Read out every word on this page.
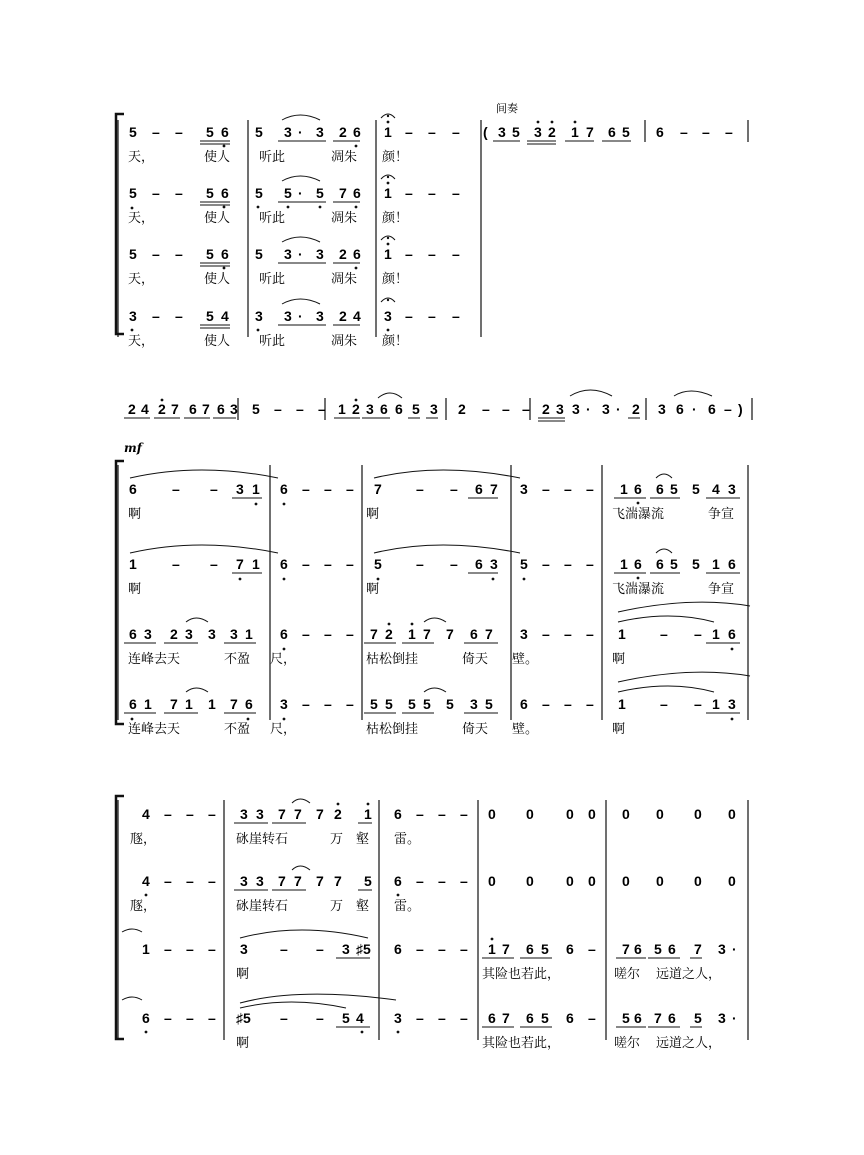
间奏
mf
5 – – 5 6 5 3 · 3 2 6 1 – – – ( 3 5 3 2 1 7 6 5 6 – – –
5 – – 5 6 5 5 · 5 7 6 1 – – –
5 – – 5 6 5 3 · 3 2 6 1 – – –
3 – – 5 4 3 3 · 3 2 4 3 – – –
2 4 2 7 6 7 6 3 5 – – – 1 2 3 6 6 5 3 2 – – – 2 3 3 · 3 · 2 3 6 · 6 – )
6	– – 3 1 6 – – – 7 – – 6 7 3 – – – 1 6 6 5 5 4 3
1	– – 7 1 6 – – – 5 – – 6 3 5 – – – 1 6 6 5 5 1 6
6 3 2 3 3 3 1 6 – – – 7 2 1 7 7 6 7 3 – – – 1 – – 1 6
6 1 7 1 1 7 6 3 – – – 5 5 5 5 5 3 5 6 – – – 1 – – 1 3
4 – – – 3 3 7 7 7 2 1 6 – – – 0 0 0 0 0 0 0 0
4 – – – 3 3 7 7 7 7 5 6 – – – 0 0 0 0 0 0 0 0
1 – – – 3 – – 3 ♯5 6 – – – 1 7 6 5 6 – 7 6 5 6 7 3 ·
6 – – – ♯5 – – 5 4 3 – – – 6 7 6 5 6 – 5 6 7 6 5 3 ·
天，	使人 听此	凋朱 颜！
天，	使人 听此	凋朱 颜！
天，	使人 听此	凋朱 颜！
天，	使人 听此	凋朱 颜！
啊	啊	飞湍瀑流	争宣
啊	啊	飞湍瀑流	争宣
连峰去天	不盈 尺，	枯松倒挂	倚天 壁。	啊
连峰去天	不盈 尺，	枯松倒挂	倚天 壁。	啊
豗，	砯崖转石	万 壑 雷。
豗，	砯崖转石	万 壑 雷。
啊	其险也若此，	嗟尔 远道之人，
啊	其险也若此，	嗟尔 远道之人，
